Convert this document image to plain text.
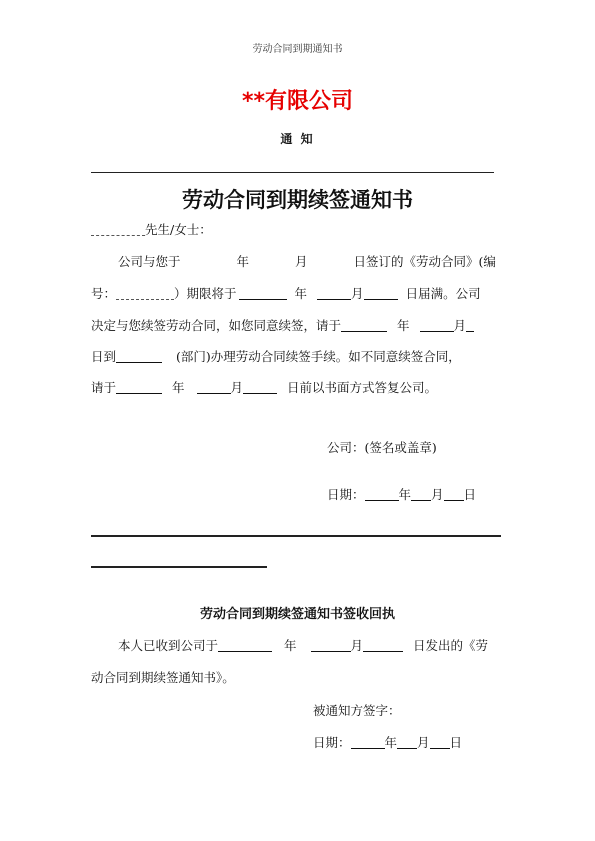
劳动合同到期通知书
**有限公司
通 知
劳动合同到期续签通知书
先生/女士：
公司与您于	年	月	日签订的《劳动合同》(编
号：	）期限将于	年	月	日届满。公司
决定与您续签劳动合同，如您同意续签，请于	年	月
日到	(部门)办理劳动合同续签手续。如不同意续签合同，
请于	年	月	日前以书面方式答复公司。
公司：(签名或盖章)
日期：	年 月 日
劳动合同到期续签通知书签收回执
本人已收到公司于	年	月	日发出的《劳
动合同到期续签通知书》。
被通知方签字：
日期：	年 月 日
